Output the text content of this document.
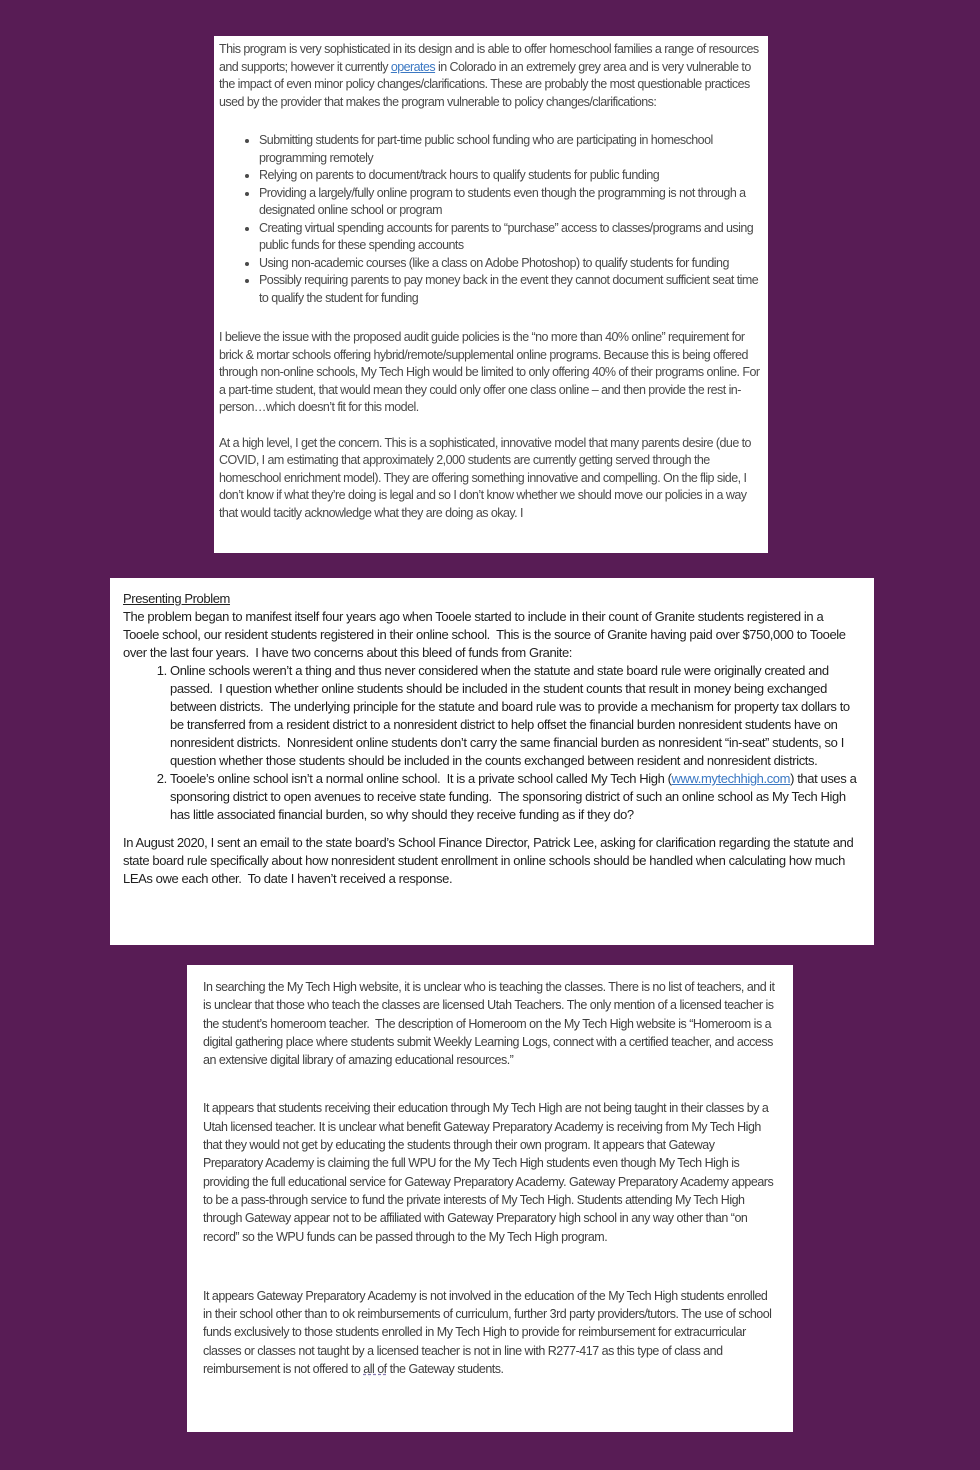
This program is very sophisticated in its design and is able to offer homeschool families a range of resources and supports; however it currently operates in Colorado in an extremely grey area and is very vulnerable to the impact of even minor policy changes/clarifications. These are probably the most questionable practices used by the provider that makes the program vulnerable to policy changes/clarifications:

• Submitting students for part-time public school funding who are participating in homeschool programming remotely
• Relying on parents to document/track hours to qualify students for public funding
• Providing a largely/fully online program to students even though the programming is not through a designated online school or program
• Creating virtual spending accounts for parents to “purchase” access to classes/programs and using public funds for these spending accounts
• Using non-academic courses (like a class on Adobe Photoshop) to qualify students for funding
• Possibly requiring parents to pay money back in the event they cannot document sufficient seat time to qualify the student for funding

I believe the issue with the proposed audit guide policies is the “no more than 40% online” requirement for brick & mortar schools offering hybrid/remote/supplemental online programs. Because this is being offered through non-online schools, My Tech High would be limited to only offering 40% of their programs online. For a part-time student, that would mean they could only offer one class online – and then provide the rest in-person…which doesn’t fit for this model.

At a high level, I get the concern. This is a sophisticated, innovative model that many parents desire (due to COVID, I am estimating that approximately 2,000 students are currently getting served through the homeschool enrichment model). They are offering something innovative and compelling. On the flip side, I don’t know if what they’re doing is legal and so I don’t know whether we should move our policies in a way that would tacitly acknowledge what they are doing as okay. I

Presenting Problem

The problem began to manifest itself four years ago when Tooele started to include in their count of Granite students registered in a Tooele school, our resident students registered in their online school.  This is the source of Granite having paid over $750,000 to Tooele over the last four years.  I have two concerns about this bleed of funds from Granite:

1. Online schools weren’t a thing and thus never considered when the statute and state board rule were originally created and passed.  I question whether online students should be included in the student counts that result in money being exchanged between districts.  The underlying principle for the statute and board rule was to provide a mechanism for property tax dollars to be transferred from a resident district to a nonresident district to help offset the financial burden nonresident students have on nonresident districts.  Nonresident online students don’t carry the same financial burden as nonresident “in-seat” students, so I question whether those students should be included in the counts exchanged between resident and nonresident districts.
2. Tooele’s online school isn’t a normal online school.  It is a private school called My Tech High (www.mytechhigh.com) that uses a sponsoring district to open avenues to receive state funding.  The sponsoring district of such an online school as My Tech High has little associated financial burden, so why should they receive funding as if they do?

In August 2020, I sent an email to the state board’s School Finance Director, Patrick Lee, asking for clarification regarding the statute and state board rule specifically about how nonresident student enrollment in online schools should be handled when calculating how much LEAs owe each other.  To date I haven’t received a response.

In searching the My Tech High website, it is unclear who is teaching the classes. There is no list of teachers, and it is unclear that those who teach the classes are licensed Utah Teachers. The only mention of a licensed teacher is the student’s homeroom teacher.  The description of Homeroom on the My Tech High website is “Homeroom is a digital gathering place where students submit Weekly Learning Logs, connect with a certified teacher, and access an extensive digital library of amazing educational resources.”

It appears that students receiving their education through My Tech High are not being taught in their classes by a Utah licensed teacher. It is unclear what benefit Gateway Preparatory Academy is receiving from My Tech High that they would not get by educating the students through their own program. It appears that Gateway Preparatory Academy is claiming the full WPU for the My Tech High students even though My Tech High is providing the full educational service for Gateway Preparatory Academy. Gateway Preparatory Academy appears to be a pass-through service to fund the private interests of My Tech High. Students attending My Tech High through Gateway appear not to be affiliated with Gateway Preparatory high school in any way other than “on record” so the WPU funds can be passed through to the My Tech High program.

It appears Gateway Preparatory Academy is not involved in the education of the My Tech High students enrolled in their school other than to ok reimbursements of curriculum, further 3rd party providers/tutors. The use of school funds exclusively to those students enrolled in My Tech High to provide for reimbursement for extracurricular classes or classes not taught by a licensed teacher is not in line with R277-417 as this type of class and reimbursement is not offered to all of the Gateway students.
